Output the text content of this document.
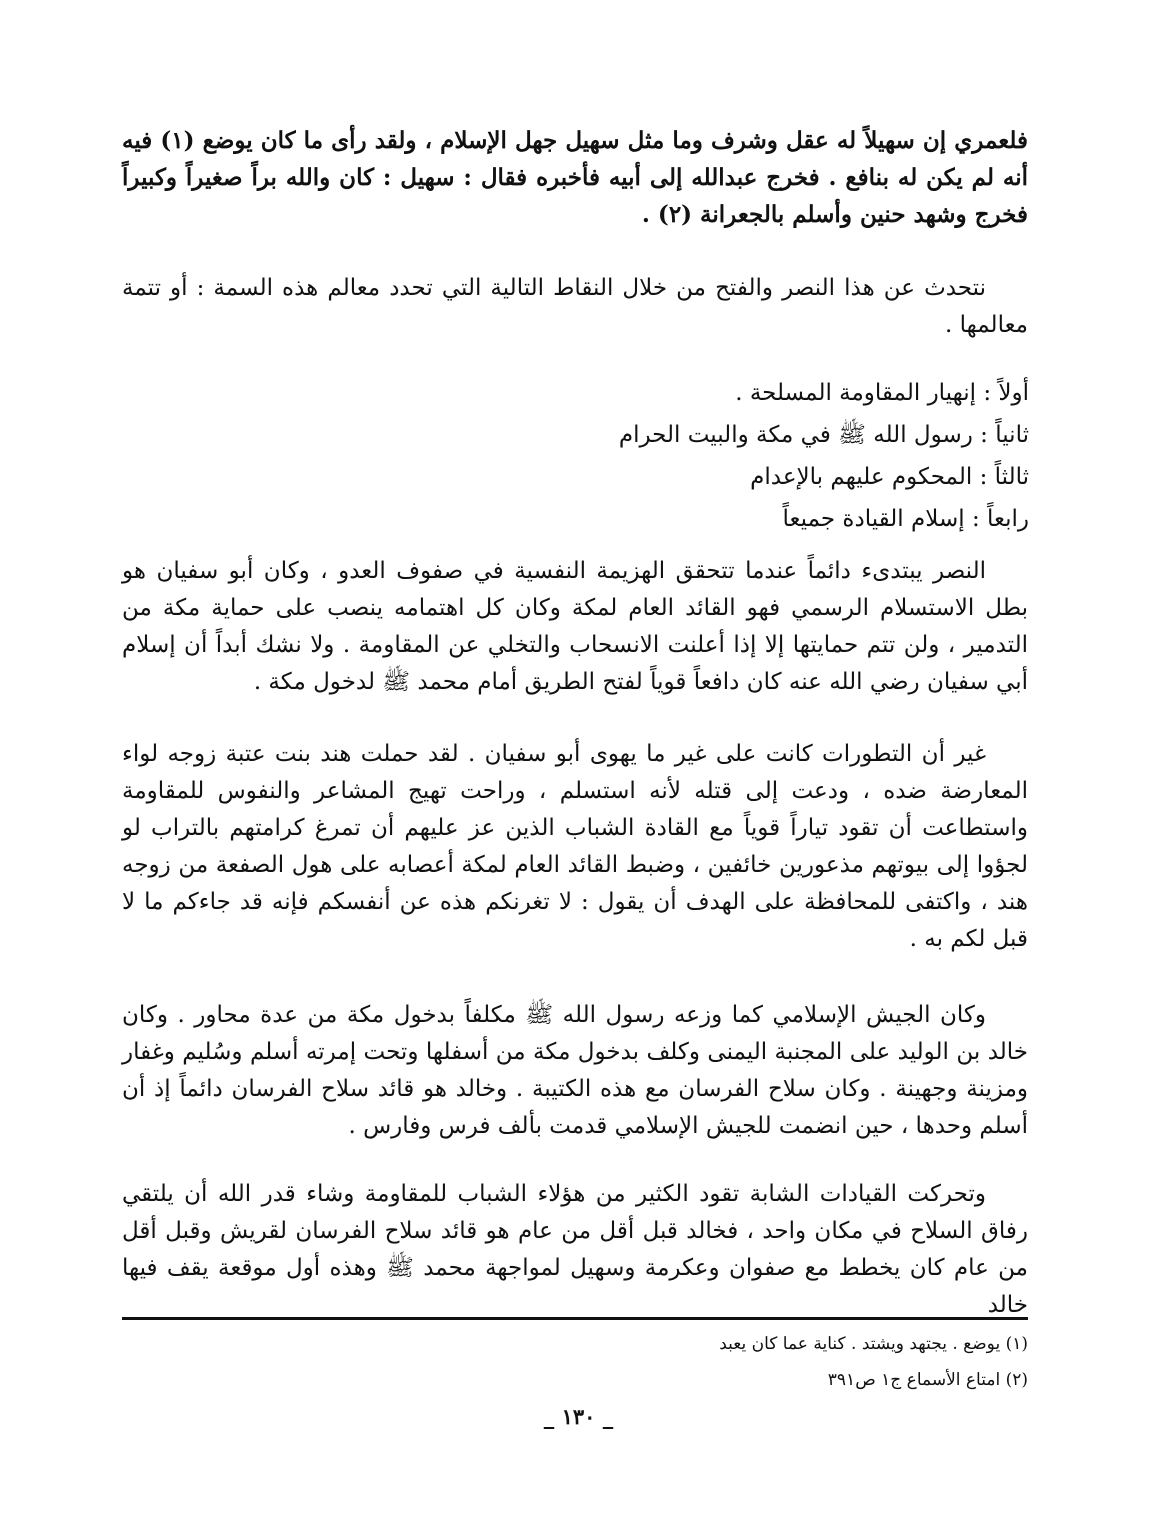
فلعمري إن سهيلاً له عقل وشرف وما مثل سهيل جهل الإسلام ، ولقد رأى ما كان يوضع (١) فيه أنه لم يكن له بنافع . فخرج عبدالله إلى أبيه فأخبره فقال : سهيل : كان والله براً صغيراً وكبيراً فخرج وشهد حنين وأسلم بالجعرانة (٢) .

نتحدث عن هذا النصر والفتح من خلال النقاط التالية التي تحدد معالم هذه السمة : أو تتمة معالمها .

أولاً : إنهيار المقاومة المسلحة .

ثانياً : رسول الله ﷺ في مكة والبيت الحرام

ثالثاً : المحكوم عليهم بالإعدام

رابعاً : إسلام القيادة جميعاً

النصر يبتدىء دائماً عندما تتحقق الهزيمة النفسية في صفوف العدو ، وكان أبو سفيان هو بطل الاستسلام الرسمي فهو القائد العام لمكة وكان كل اهتمامه ينصب على حماية مكة من التدمير ، ولن تتم حمايتها إلا إذا أعلنت الانسحاب والتخلي عن المقاومة . ولا نشك أبداً أن إسلام أبي سفيان رضي الله عنه كان دافعاً قوياً لفتح الطريق أمام محمد ﷺ لدخول مكة .

غير أن التطورات كانت على غير ما يهوى أبو سفيان . لقد حملت هند بنت عتبة زوجه لواء المعارضة ضده ، ودعت إلى قتله لأنه استسلم ، وراحت تهيج المشاعر والنفوس للمقاومة واستطاعت أن تقود تياراً قوياً مع القادة الشباب الذين عز عليهم أن تمرغ كرامتهم بالتراب لو لجؤوا إلى بيوتهم مذعورين خائفين ، وضبط القائد العام لمكة أعصابه على هول الصفعة من زوجه هند ، واكتفى للمحافظة على الهدف أن يقول : لا تغرنكم هذه عن أنفسكم فإنه قد جاءكم ما لا قبل لكم به .

وكان الجيش الإسلامي كما وزعه رسول الله ﷺ مكلفاً بدخول مكة من عدة محاور . وكان خالد بن الوليد على المجنبة اليمنى وكلف بدخول مكة من أسفلها وتحت إمرته أسلم وسُليم وغفار ومزينة وجهينة . وكان سلاح الفرسان مع هذه الكتيبة . وخالد هو قائد سلاح الفرسان دائماً إذ أن أسلم وحدها ، حين انضمت للجيش الإسلامي قدمت بألف فرس وفارس .

وتحركت القيادات الشابة تقود الكثير من هؤلاء الشباب للمقاومة وشاء قدر الله أن يلتقي رفاق السلاح في مكان واحد ، فخالد قبل أقل من عام هو قائد سلاح الفرسان لقريش وقبل أقل من عام كان يخطط مع صفوان وعكرمة وسهيل لمواجهة محمد ﷺ وهذه أول موقعة يقف فيها خالد

(١) يوضع . يجتهد ويشتد . كناية عما كان يعبد

(٢) امتاع الأسماع ج١ ص٣٩١

_ ١٣٠ _
